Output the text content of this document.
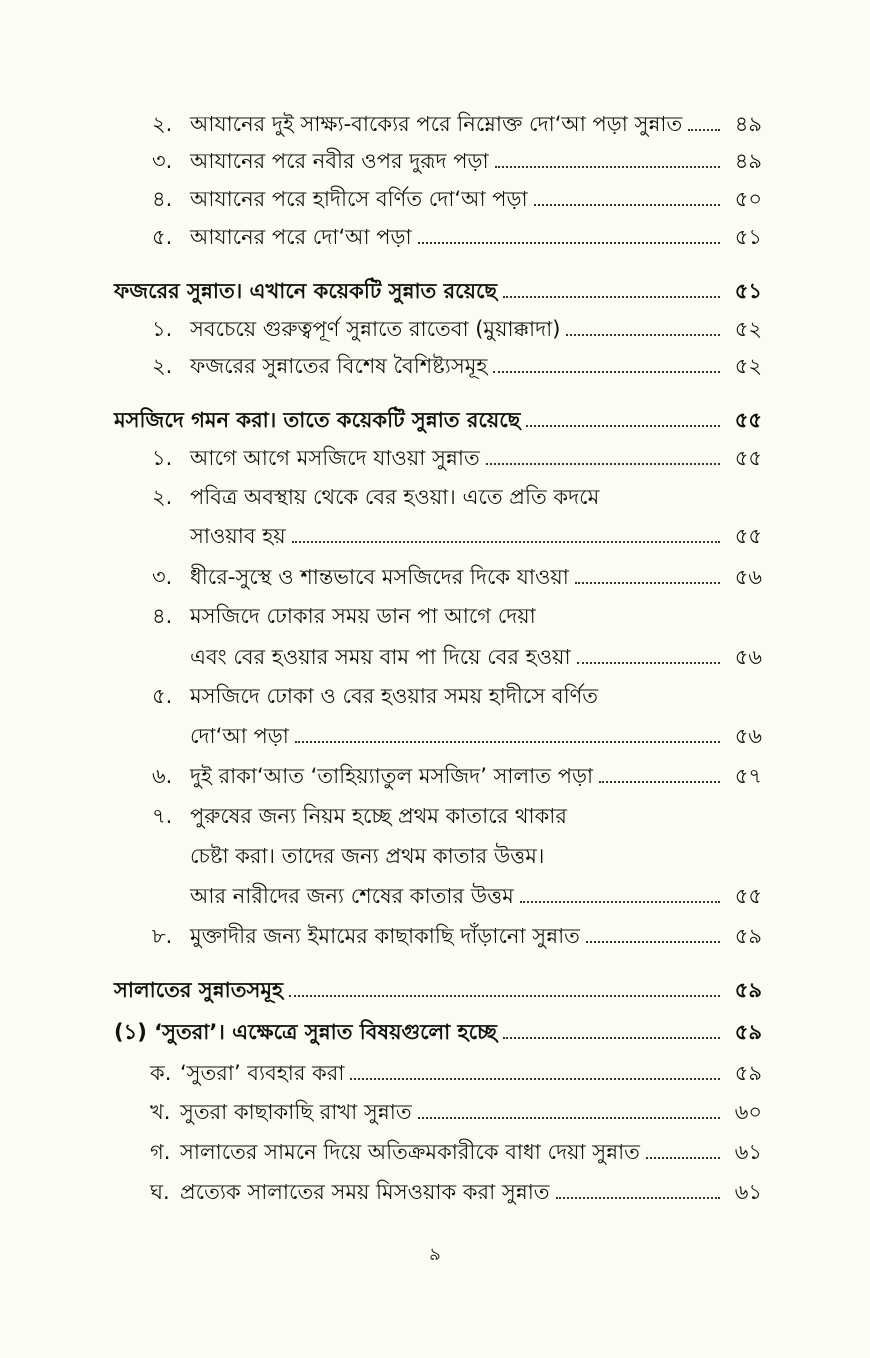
২. আযানের দুই সাক্ষ্য-বাক্যের পরে নিম্নোক্ত দো‘আ পড়া সুন্নাত	৪৯
৩. আযানের পরে নবীর ওপর দুরূদ পড়া	৪৯
৪. আযানের পরে হাদীসে বর্ণিত দো‘আ পড়া	৫০
৫. আযানের পরে দো‘আ পড়া	৫১
ফজরের সুন্নাত। এখানে কয়েকটি সুন্নাত রয়েছে	৫১
১. সবচেয়ে গুরুত্বপূর্ণ সুন্নাতে রাতেবা (মুয়াক্কাদা)	৫২
২. ফজরের সুন্নাতের বিশেষ বৈশিষ্ট্যসমূহ	৫২
মসজিদে গমন করা। তাতে কয়েকটি সুন্নাত রয়েছে	৫৫
১. আগে আগে মসজিদে যাওয়া সুন্নাত	৫৫
২. পবিত্র অবস্থায় থেকে বের হওয়া। এতে প্রতি কদমে
সাওয়াব হয়	৫৫
৩. ধীরে-সুস্থে ও শান্তভাবে মসজিদের দিকে যাওয়া	৫৬
৪. মসজিদে ঢোকার সময় ডান পা আগে দেয়া
এবং বের হওয়ার সময় বাম পা দিয়ে বের হওয়া	৫৬
৫. মসজিদে ঢোকা ও বের হওয়ার সময় হাদীসে বর্ণিত
দো‘আ পড়া	৫৬
৬. দুই রাকা‘আত ‘তাহিয়্যাতুল মসজিদ’ সালাত পড়া	৫৭
৭. পুরুষের জন্য নিয়ম হচ্ছে প্রথম কাতারে থাকার
চেষ্টা করা। তাদের জন্য প্রথম কাতার উত্তম।
আর নারীদের জন্য শেষের কাতার উত্তম	৫৫
৮. মুক্তাদীর জন্য ইমামের কাছাকাছি দাঁড়ানো সুন্নাত	৫৯
সালাতের সুন্নাতসমূহ	৫৯
(১) ‘সুতরা’। এক্ষেত্রে সুন্নাত বিষয়গুলো হচ্ছে	৫৯
ক. ‘সুতরা’ ব্যবহার করা	৫৯
খ. সুতরা কাছাকাছি রাখা সুন্নাত	৬০
গ. সালাতের সামনে দিয়ে অতিক্রমকারীকে বাধা দেয়া সুন্নাত	৬১
ঘ. প্রত্যেক সালাতের সময় মিসওয়াক করা সুন্নাত	৬১
৯
